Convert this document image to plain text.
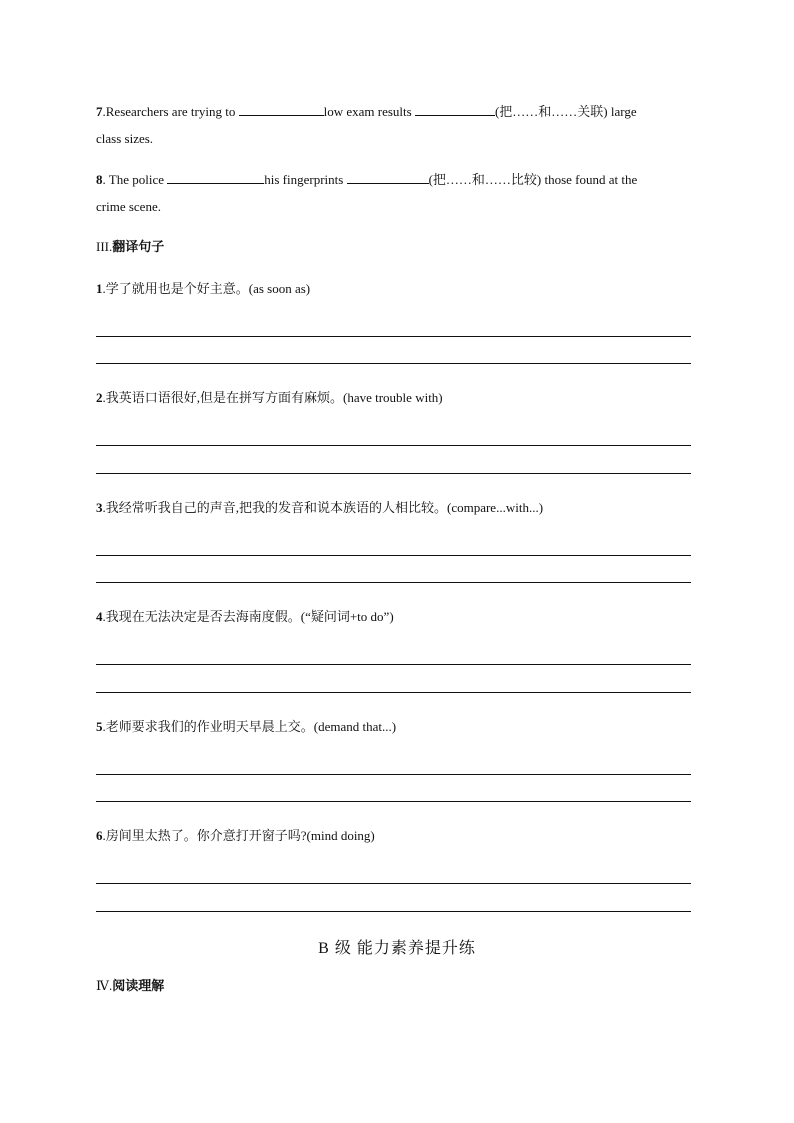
7.Researchers are trying to	low exam results	(把……和……关联) large
class sizes.
8. The police	his fingerprints	(把……和……比较) those found at the
crime scene.
III.翻译句子
1.学了就用也是个好主意。(as soon as)
2.我英语口语很好,但是在拼写方面有麻烦。(have trouble with)
3.我经常听我自己的声音,把我的发音和说本族语的人相比较。(compare...with...)
4.我现在无法决定是否去海南度假。(“疑问词+to do”)
5.老师要求我们的作业明天早晨上交。(demand that...)
6.房间里太热了。你介意打开窗子吗?(mind doing)
B 级 能力素养提升练
Ⅳ.阅读理解
